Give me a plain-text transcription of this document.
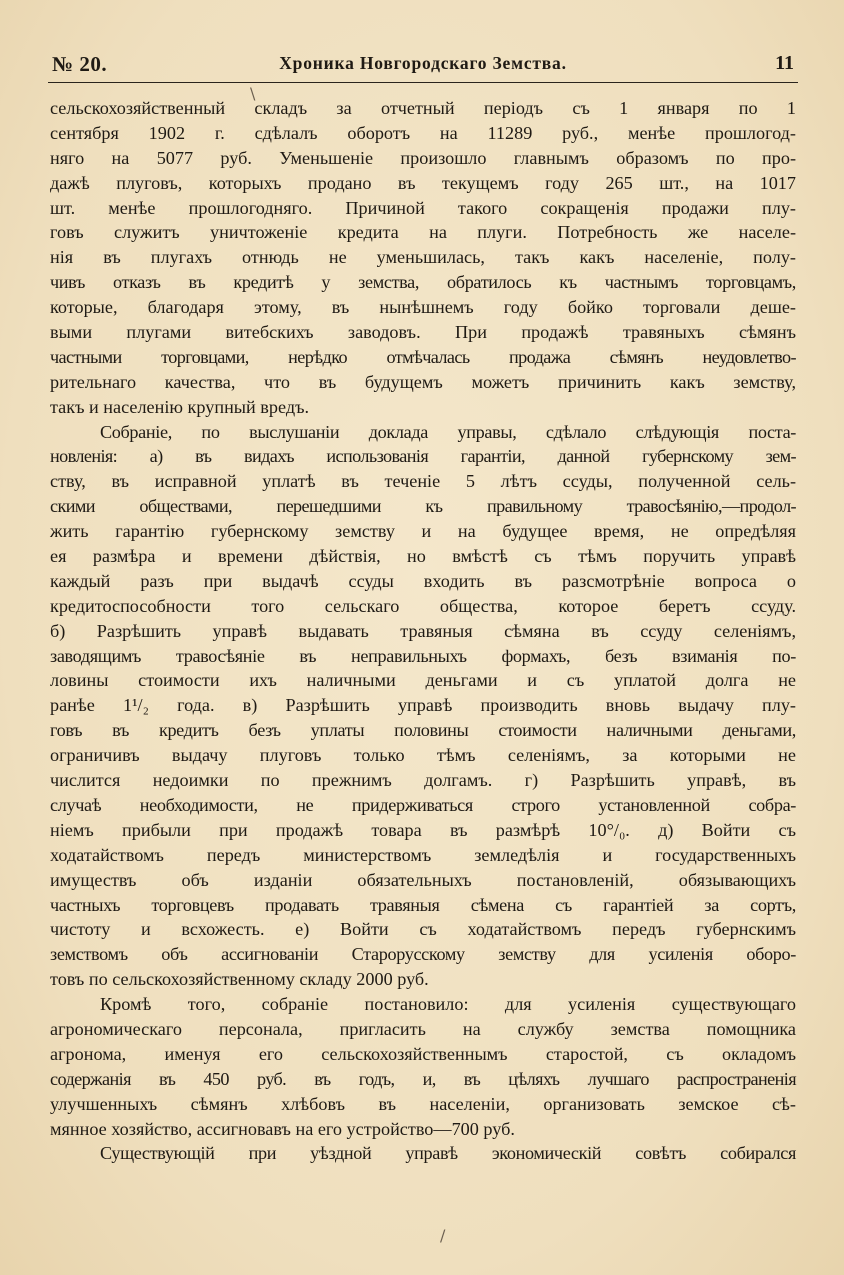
№ 20.	Хроника Новгородскаго Земства.	11
\
/
сельскохозяйственный складъ за отчетный періодъ съ 1 января по 1
сентября 1902 г. сдѣлалъ оборотъ на 11289 руб., менѣе прошлогод-
няго на 5077 руб. Уменьшеніе произошло главнымъ образомъ по про-
дажѣ плуговъ, которыхъ продано въ текущемъ году 265 шт., на 1017
шт. менѣе прошлогодняго. Причиной такого сокращенія продажи плу-
говъ служитъ уничтоженіе кредита на плуги. Потребность же населе-
нія въ плугахъ отнюдь не уменьшилась, такъ какъ населеніе, полу-
чивъ отказъ въ кредитѣ у земства, обратилось къ частнымъ торговцамъ,
которые, благодаря этому, въ нынѣшнемъ году бойко торговали деше-
выми плугами витебскихъ заводовъ. При продажѣ травяныхъ сѣмянъ
частными торговцами, нерѣдко отмѣчалась продажа сѣмянъ неудовлетво-
рительнаго качества, что въ будущемъ можетъ причинить какъ земству,
такъ и населенію крупный вредъ.
Собраніе, по выслушаніи доклада управы, сдѣлало слѣдующія поста-
новленія: а) въ видахъ использованія гарантіи, данной губернскому зем-
ству, въ исправной уплатѣ въ теченіе 5 лѣтъ ссуды, полученной сель-
скими обществами, перешедшими къ правильному травосѣянію,—продол-
жить гарантію губернскому земству и на будущее время, не опредѣляя
ея размѣра и времени дѣйствія, но вмѣстѣ съ тѣмъ поручить управѣ
каждый разъ при выдачѣ ссуды входить въ разсмотрѣніе вопроса о
кредитоспособности того сельскаго общества, которое беретъ ссуду.
б) Разрѣшить управѣ выдавать травяныя сѣмяна въ ссуду селеніямъ,
заводящимъ травосѣяніе въ неправильныхъ формахъ, безъ взиманія по-
ловины стоимости ихъ наличными деньгами и съ уплатой долга не
ранѣе 1¹/₂ года. в) Разрѣшить управѣ производить вновь выдачу плу-
говъ въ кредитъ безъ уплаты половины стоимости наличными деньгами,
ограничивъ выдачу плуговъ только тѣмъ селеніямъ, за которыми не
числится недоимки по прежнимъ долгамъ. г) Разрѣшить управѣ, въ
случаѣ необходимости, не придерживаться строго установленной собра-
ніемъ прибыли при продажѣ товара въ размѣрѣ 10°/₀. д) Войти съ
ходатайствомъ передъ министерствомъ земледѣлія и государственныхъ
имуществъ объ изданіи обязательныхъ постановленій, обязывающихъ
частныхъ торговцевъ продавать травяныя сѣмена съ гарантіей за сортъ,
чистоту и всхожесть. е) Войти съ ходатайствомъ передъ губернскимъ
земствомъ объ ассигнованіи Старорусскому земству для усиленія оборо-
товъ по сельскохозяйственному складу 2000 руб.
Кромѣ того, собраніе постановило: для усиленія существующаго
агрономическаго персонала, пригласить на службу земства помощника
агронома, именуя его сельскохозяйственнымъ старостой, съ окладомъ
содержанія въ 450 руб. въ годъ, и, въ цѣляхъ лучшаго распространенія
улучшенныхъ сѣмянъ хлѣбовъ въ населеніи, организовать земское сѣ-
мянное хозяйство, ассигновавъ на его устройство—700 руб.
Существующій при уѣздной управѣ экономическій совѣтъ собирался
